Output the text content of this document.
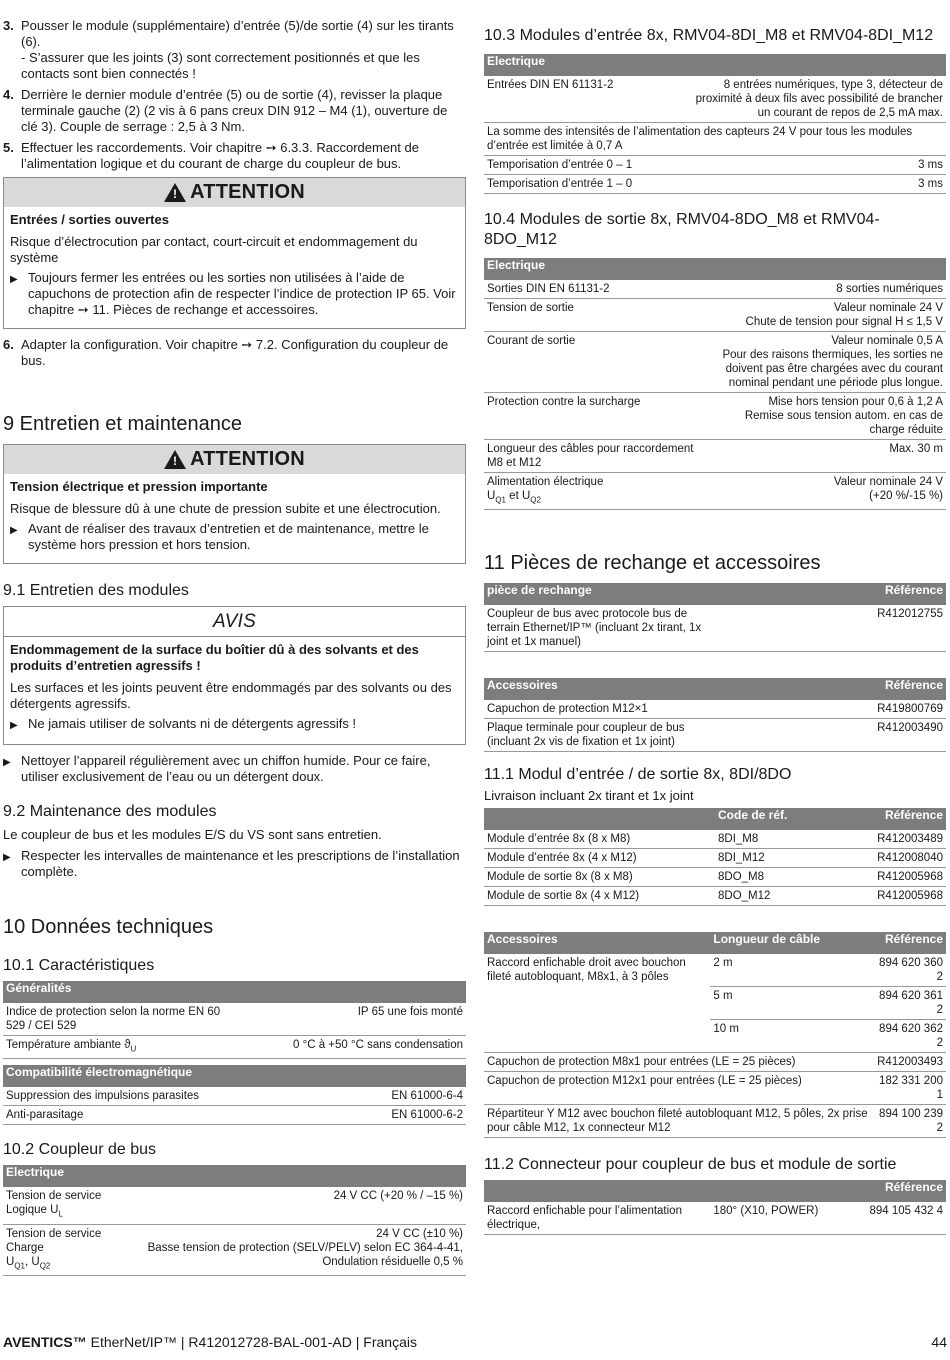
3. Pousser le module (supplémentaire) d’entrée (5)/de sortie (4) sur les tirants (6).
- S’assurer que les joints (3) sont correctement positionnés et que les contacts sont bien connectés !
4. Derrière le dernier module d’entrée (5) ou de sortie (4), revisser la plaque terminale gauche (2) (2 vis à 6 pans creux DIN 912 – M4 (1), ouverture de clé 3). Couple de serrage : 2,5 à 3 Nm.
5. Effectuer les raccordements. Voir chapitre ➙ 6.3.3. Raccordement de l’alimentation logique et du courant de charge du coupleur de bus.
! ATTENTION

Entrées / sorties ouvertes

Risque d’électrocution par contact, court-circuit et endommagement du système

▶ Toujours fermer les entrées ou les sorties non utilisées à l’aide de capuchons de protection afin de respecter l’indice de protection IP 65. Voir chapitre ➙ 11. Pièces de rechange et accessoires.
6. Adapter la configuration. Voir chapitre ➙ 7.2. Configuration du coupleur de bus.
9 Entretien et maintenance
! ATTENTION

Tension électrique et pression importante

Risque de blessure dû à une chute de pression subite et une électrocution.

▶ Avant de réaliser des travaux d’entretien et de maintenance, mettre le système hors pression et hors tension.
9.1 Entretien des modules
AVIS

Endommagement de la surface du boîtier dû à des solvants et des produits d’entretien agressifs !

Les surfaces et les joints peuvent être endommagés par des solvants ou des détergents agressifs.

▶ Ne jamais utiliser de solvants ni de détergents agressifs !
▶ Nettoyer l’appareil régulièrement avec un chiffon humide. Pour ce faire, utiliser exclusivement de l’eau ou un détergent doux.
9.2 Maintenance des modules

Le coupleur de bus et les modules E/S du VS sont sans entretien.

▶ Respecter les intervalles de maintenance et les prescriptions de l’installation complète.
10 Données techniques
10.1 Caractéristiques
Généralités	
Indice de protection selon la norme EN 60 529 / CEI 529	IP 65 une fois monté
Température ambiante $ϑ_U$	0 °C à +50 °C sans condensation

Compatibilité électromagnétique	
Suppression des impulsions parasites	EN 61000-6-4
Anti-parasitage	EN 61000-6-2
10.2 Coupleur de bus
Electrique	
Tension de service Logique $U_L$	24 V CC (+20 % / –15 %)
Tension de service Charge
$U_{Q1}$, $U_{Q2}$	24 V CC (±10 %)
Basse tension de protection (SELV/PELV) selon EC 364-4-41, Ondulation résiduelle 0,5 %
10.3 Modules d’entrée 8x, RMV04-8DI_M8 et RMV04-8DI_M12
Electrique	
Entrées DIN EN 61131-2	8 entrées numériques, type 3, détecteur de proximité à deux fils avec possibilité de brancher un courant de repos de 2,5 mA max.
La somme des intensités de l’alimentation des capteurs 24 V pour tous les modules d’entrée est limitée à 0,7 A	
Temporisation d’entrée 0 – 1	3 ms
Temporisation d’entrée 1 – 0	3 ms
10.4 Modules de sortie 8x, RMV04-8DO_M8 et RMV04-8DO_M12
Electrique	
Sorties DIN EN 61131-2	8 sorties numériques
Tension de sortie	Valeur nominale 24 V
Chute de tension pour signal H ≤ 1,5 V
Courant de sortie	Valeur nominale 0,5 A
Pour des raisons thermiques, les sorties ne doivent pas être chargées avec du courant nominal pendant une période plus longue.
Protection contre la surcharge	Mise hors tension pour 0,6 à 1,2 A
Remise sous tension autom. en cas de charge réduite
Longueur des câbles pour raccordement M8 et M12	Max. 30 m
Alimentation électrique
$U_{Q1}$ et $U_{Q2}$	Valeur nominale 24 V
(+20 %/-15 %)
11 Pièces de rechange et accessoires
pièce de rechange	Référence
Coupleur de bus avec protocole bus de terrain Ethernet/IP™ (incluant 2x tirant, 1x joint et 1x manuel)	R412012755
Accessoires	Référence
Capuchon de protection M12×1	R419800769
Plaque terminale pour coupleur de bus (incluant 2x vis de fixation et 1x joint)	R412003490
11.1 Modul d’entrée / de sortie 8x, 8DI/8DO

Livraison incluant 2x tirant et 1x joint

	Code de réf.	Référence
Module d’entrée 8x (8 x M8)	8DI_M8	R412003489
Module d’entrée 8x (4 x M12)	8DI_M12	R412008040
Module de sortie 8x (8 x M8)	8DO_M8	R412005968
Module de sortie 8x (4 x M12)	8DO_M12	R412005968
Accessoires	Longueur de câble	Référence
Raccord enfichable droit avec bouchon fileté autobloquant, M8x1, à 3 pôles	2 m	894 620 360 2
	5 m	894 620 361 2
	10 m	894 620 362 2
Capuchon de protection M8x1 pour entrées (LE = 25 pièces)		R412003493
Capuchon de protection M12x1 pour entrées (LE = 25 pièces)		182 331 200 1
Répartiteur Y M12 avec bouchon fileté autobloquant M12, 5 pôles, 2x prise pour câble M12, 1x connecteur M12		894 100 239 2
11.2 Connecteur pour coupleur de bus et module de sortie
		Référence
Raccord enfichable pour l’alimentation électrique,	180° (X10, POWER)	894 105 432 4
AVENTICS™ EtherNet/IP™ | R412012728-BAL-001-AD | Français	44
